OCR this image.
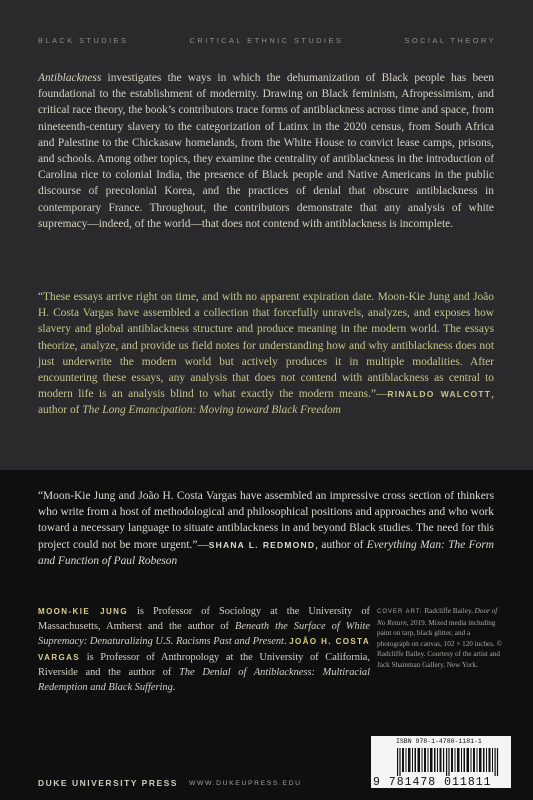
BLACK STUDIES	CRITICAL ETHNIC STUDIES	SOCIAL THEORY

Antiblackness investigates the ways in which the dehumanization of Black people has been foundational to the establishment of modernity. Drawing on Black feminism, Afropessimism, and critical race theory, the book’s contributors trace forms of antiblackness across time and space, from nineteenth-century slavery to the categorization of Latinx in the 2020 census, from South Africa and Palestine to the Chickasaw homelands, from the White House to convict lease camps, prisons, and schools. Among other topics, they examine the centrality of antiblackness in the introduction of Carolina rice to colonial India, the presence of Black people and Native Americans in the public discourse of precolonial Korea, and the practices of denial that obscure antiblackness in contemporary France. Throughout, the contributors demonstrate that any analysis of white supremacy—indeed, of the world—that does not contend with antiblackness is incomplete.

“These essays arrive right on time, and with no apparent expiration date. Moon-Kie Jung and João H. Costa Vargas have assembled a collection that forcefully unravels, analyzes, and exposes how slavery and global antiblackness structure and produce meaning in the modern world. The essays theorize, analyze, and provide us field notes for understanding how and why antiblackness does not just underwrite the modern world but actively produces it in multiple modalities. After encountering these essays, any analysis that does not contend with antiblackness as central to modern life is an analysis blind to what exactly the modern means.”—RINALDO WALCOTT, author of The Long Emancipation: Moving toward Black Freedom

“Moon-Kie Jung and João H. Costa Vargas have assembled an impressive cross section of thinkers who write from a host of methodological and philosophical positions and approaches and who work toward a necessary language to situate antiblackness in and beyond Black studies. The need for this project could not be more urgent.”—SHANA L. REDMOND, author of Everything Man: The Form and Function of Paul Robeson

MOON-KIE JUNG is Professor of Sociology at the University of Massachusetts, Amherst and the author of Beneath the Surface of White Supremacy: Denaturalizing U.S. Racisms Past and Present. JOÃO H. COSTA VARGAS is Professor of Anthropology at the University of California, Riverside and the author of The Denial of Antiblackness: Multiracial Redemption and Black Suffering.
COVER ART: Radcliffe Bailey, Door of No Return, 2019. Mixed media including paint on tarp, black glitter, and a photograph on canvas, 102 × 120 inches. © Radcliffe Bailey. Courtesy of the artist and Jack Shainman Gallery, New York.
ISBN 978-1-4780-1181-1
9 781478 011811
DUKE UNIVERSITY PRESS WWW.DUKEUPRESS.EDU
